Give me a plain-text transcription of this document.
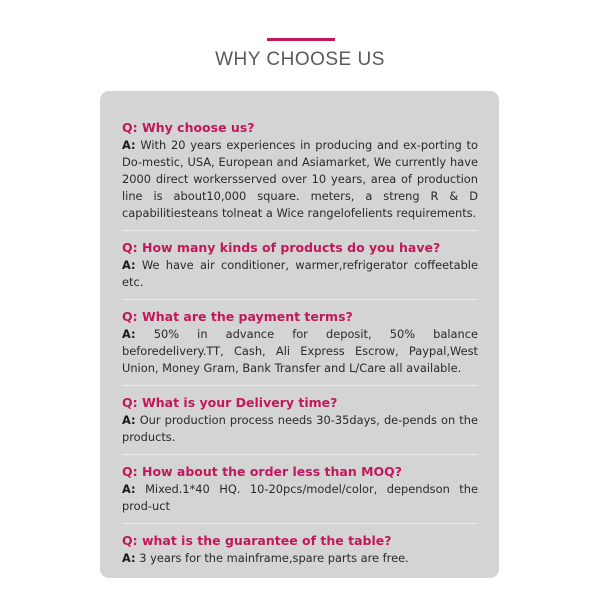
WHY CHOOSE US
Q: Why choose us?
A: With 20 years experiences in producing and ex-porting to Do-mestic, USA, European and Asiamarket, We currently have 2000 direct workersserved over 10 years, area of production line is about10,000 square. meters, a streng R & D capabilitiesteans tolneat a Wice rangelofelients requirements.
Q: How many kinds of products do you have?
A: We have air conditioner, warmer,refrigerator coffeetable etc.
Q: What are the payment terms?
A: 50% in advance for deposit, 50% balance beforedelivery.TT, Cash, Ali Express Escrow, Paypal,West Union, Money Gram, Bank Transfer and L/Care all available.
Q: What is your Delivery time?
A: Our production process needs 30-35days, de-pends on the products.
Q: How about the order less than MOQ?
A: Mixed.1*40 HQ. 10-20pcs/model/color, dependson the prod-uct
Q: what is the guarantee of the table?
A: 3 years for the mainframe,spare parts are free.
